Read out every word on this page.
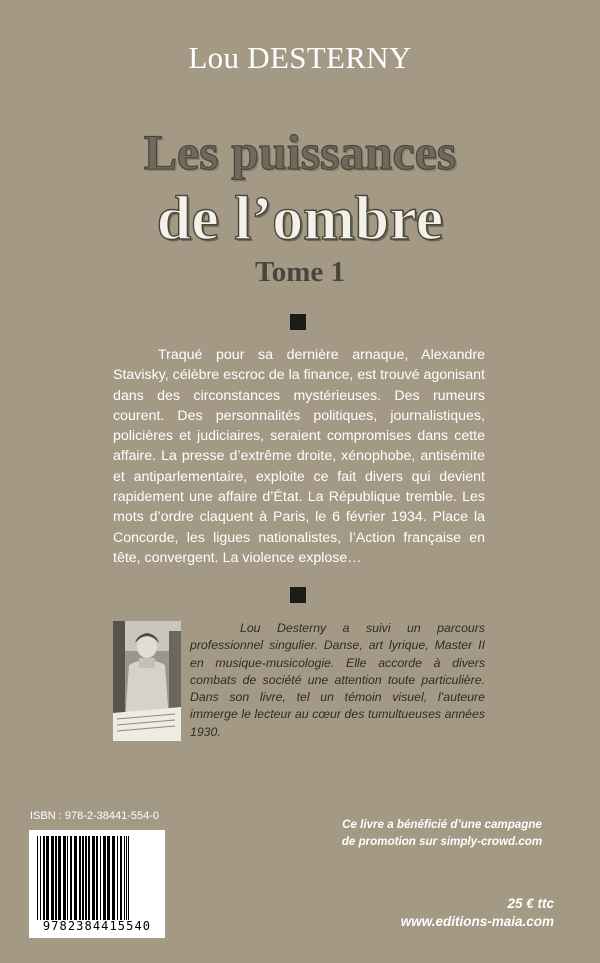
Lou DESTERNY
Les puissances
de l’ombre
Tome 1

Traqué pour sa dernière arnaque, Alexandre Stavisky, célèbre escroc de la finance, est trouvé agonisant dans des circonstances mystérieuses. Des rumeurs courent. Des personnalités politiques, journalistiques, policières et judiciaires, seraient compromises dans cette affaire. La presse d’extrême droite, xénophobe, antisémite et antiparlementaire, exploite ce fait divers qui devient rapidement une affaire d’État. La République tremble. Les mots d’ordre claquent à Paris, le 6 février 1934. Place la Concorde, les ligues nationalistes, l’Action française en tête, convergent. La violence explose…

Lou Desterny a suivi un parcours professionnel singulier. Danse, art lyrique, Master II en musique-musicologie. Elle accorde à divers combats de société une attention toute particulière. Dans son livre, tel un témoin visuel, l’auteure immerge le lecteur au cœur des tumultueuses années 1930.

ISBN : 978-2-38441-554-0
9782384415540
Ce livre a bénéficié d’une campagne
de promotion sur simply-crowd.com
25 € ttc
www.editions-maia.com
